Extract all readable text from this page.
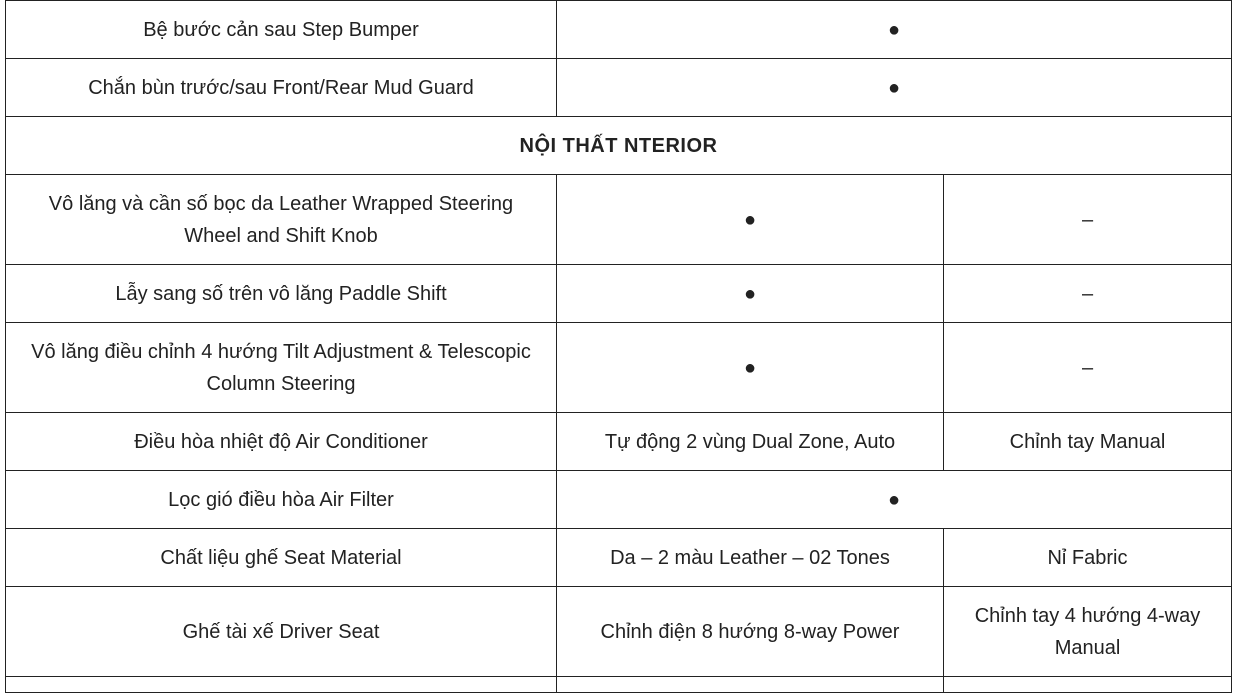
Bệ bước cản sau Step Bumper	●	
Chắn bùn trước/sau Front/Rear Mud Guard	●	
NỘI THẤT NTERIOR		
Vô lăng và cần số bọc da Leather Wrapped Steering Wheel and Shift Knob	●	–
Lẫy sang số trên vô lăng Paddle Shift	●	–
Vô lăng điều chỉnh 4 hướng Tilt Adjustment & Telescopic Column Steering	●	–
Điều hòa nhiệt độ Air Conditioner	Tự động 2 vùng Dual Zone, Auto	Chỉnh tay Manual
Lọc gió điều hòa Air Filter	●	
Chất liệu ghế Seat Material	Da – 2 màu Leather – 02 Tones	Nỉ Fabric
Ghế tài xế Driver Seat	Chỉnh điện 8 hướng 8-way Power	Chỉnh tay 4 hướng 4-way Manual
